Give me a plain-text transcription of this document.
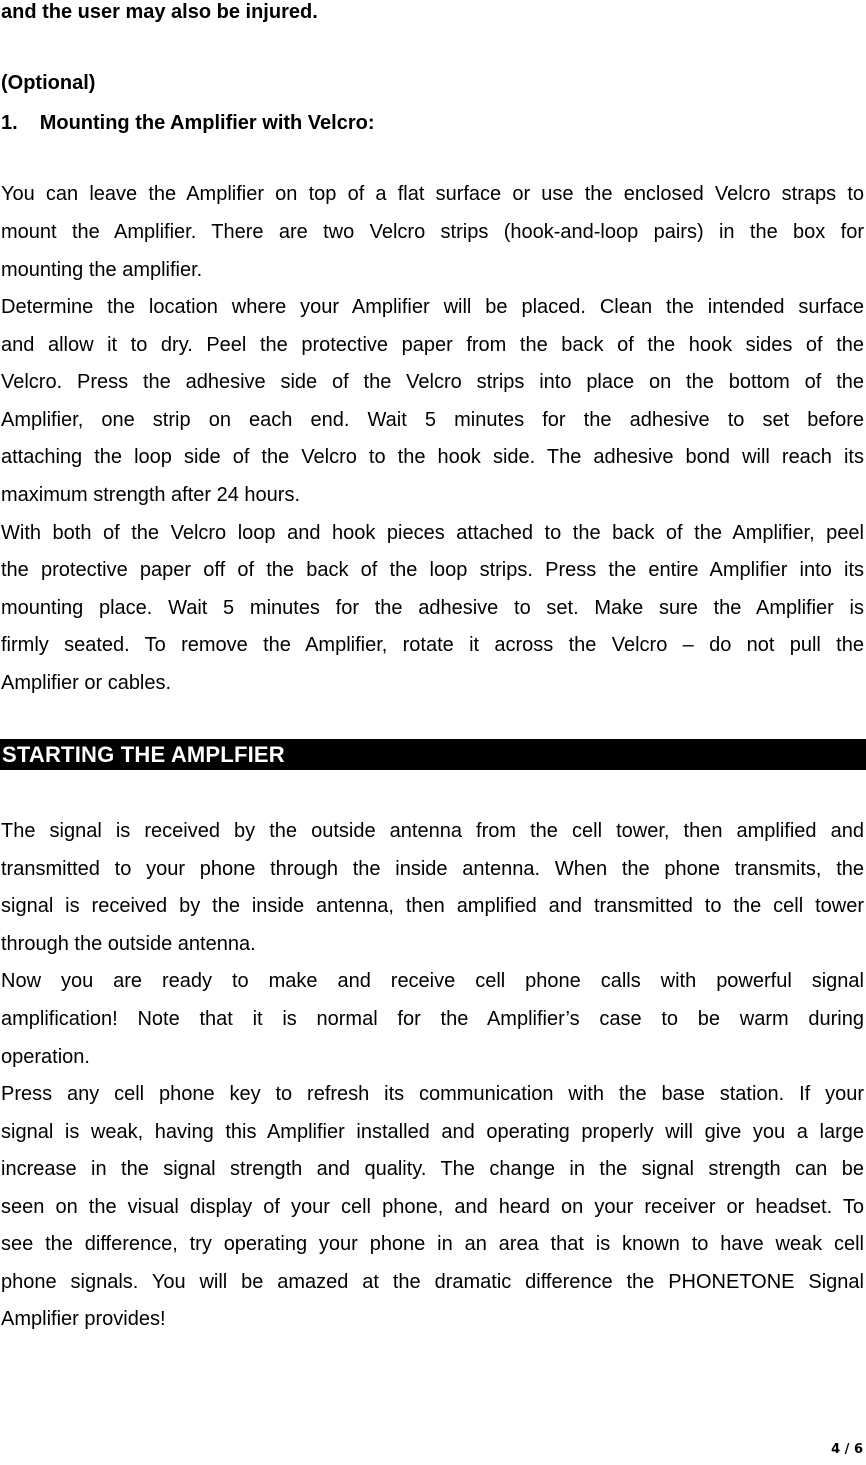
and the user may also be injured.
(Optional)
1. Mounting the Amplifier with Velcro:
You can leave the Amplifier on top of a flat surface or use the enclosed Velcro straps to
mount the Amplifier. There are two Velcro strips (hook-and-loop pairs) in the box for
mounting the amplifier.
Determine the location where your Amplifier will be placed. Clean the intended surface
and allow it to dry. Peel the protective paper from the back of the hook sides of the
Velcro. Press the adhesive side of the Velcro strips into place on the bottom of the
Amplifier, one strip on each end. Wait 5 minutes for the adhesive to set before
attaching the loop side of the Velcro to the hook side. The adhesive bond will reach its
maximum strength after 24 hours.
With both of the Velcro loop and hook pieces attached to the back of the Amplifier, peel
the protective paper off of the back of the loop strips. Press the entire Amplifier into its
mounting place. Wait 5 minutes for the adhesive to set. Make sure the Amplifier is
firmly seated. To remove the Amplifier, rotate it across the Velcro – do not pull the
Amplifier or cables.
STARTING THE AMPLFIER
The signal is received by the outside antenna from the cell tower, then amplified and
transmitted to your phone through the inside antenna. When the phone transmits, the
signal is received by the inside antenna, then amplified and transmitted to the cell tower
through the outside antenna.
Now you are ready to make and receive cell phone calls with powerful signal
amplification! Note that it is normal for the Amplifier’s case to be warm during
operation.
Press any cell phone key to refresh its communication with the base station. If your
signal is weak, having this Amplifier installed and operating properly will give you a large
increase in the signal strength and quality. The change in the signal strength can be
seen on the visual display of your cell phone, and heard on your receiver or headset. To
see the difference, try operating your phone in an area that is known to have weak cell
phone signals. You will be amazed at the dramatic difference the PHONETONE Signal
Amplifier provides!
4 / 6
